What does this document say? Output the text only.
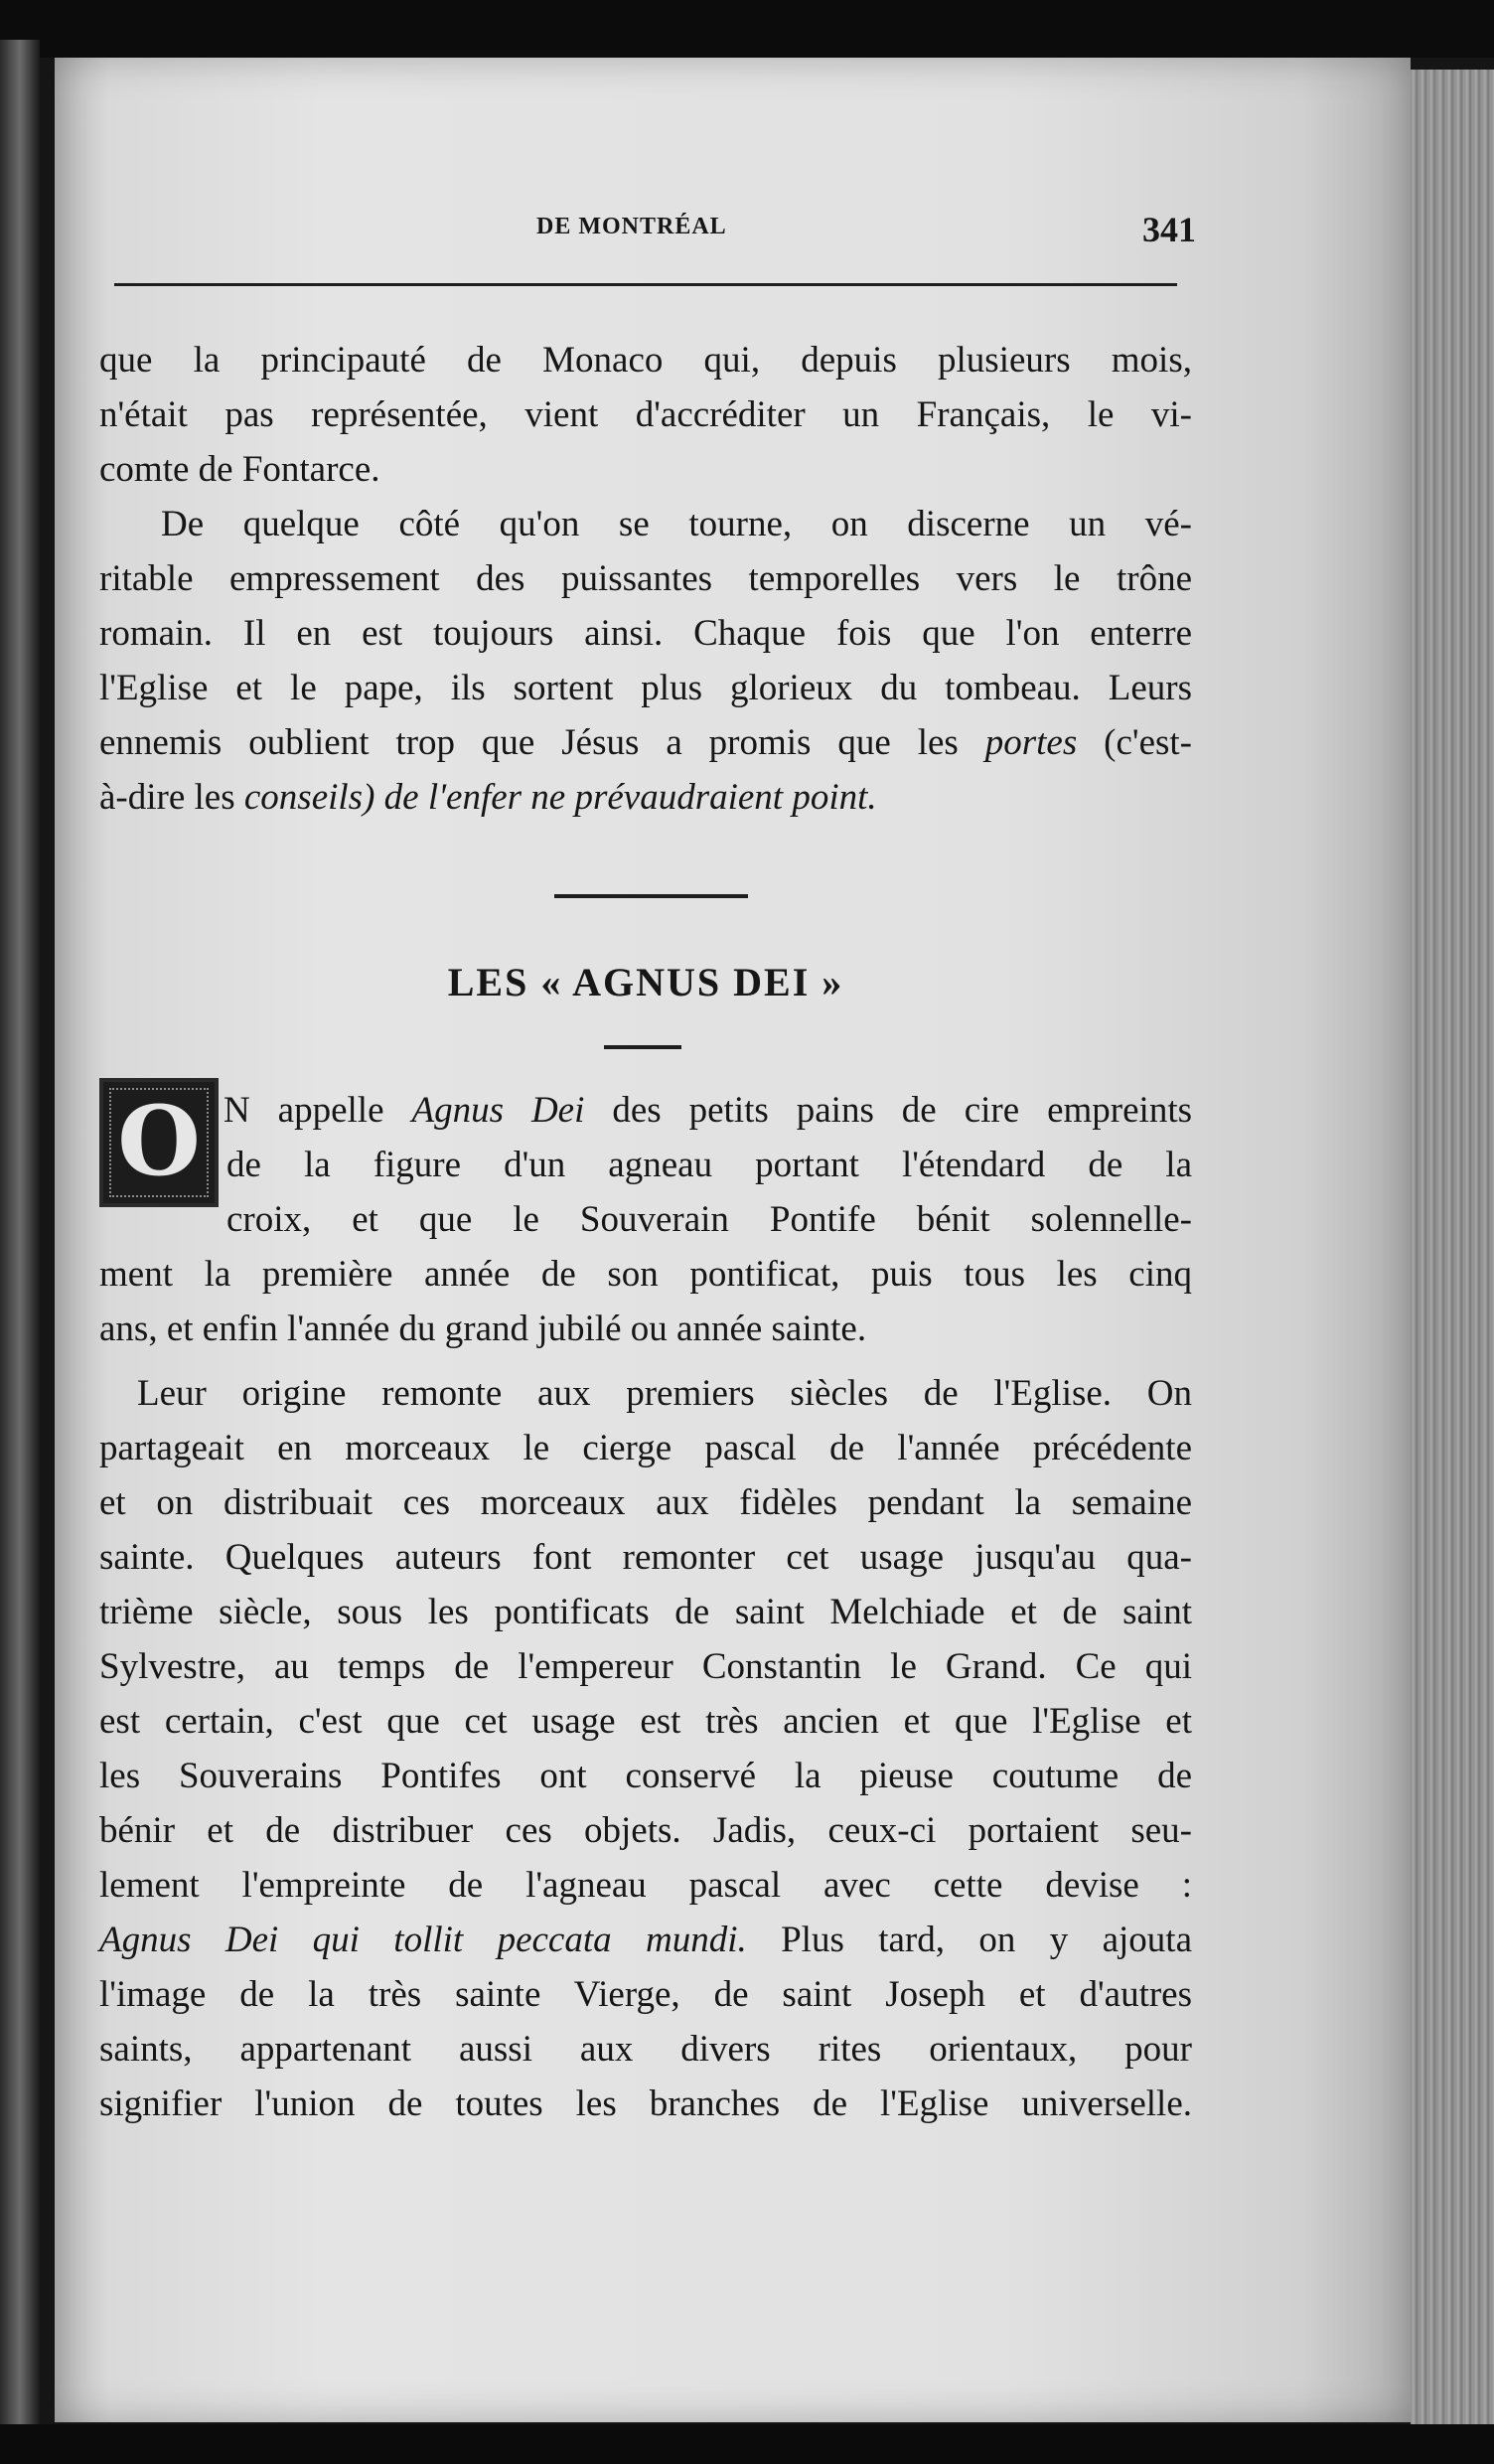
DE MONTRÉAL	341
que la principauté de Monaco qui, depuis plusieurs mois,
n'était pas représentée, vient d'accréditer un Français, le vi-
comte de Fontarce.
De quelque côté qu'on se tourne, on discerne un vé-
ritable empressement des puissantes temporelles vers le trône
romain. Il en est toujours ainsi. Chaque fois que l'on enterre
l'Eglise et le pape, ils sortent plus glorieux du tombeau. Leurs
ennemis oublient trop que Jésus a promis que les portes (c'est-
à-dire les conseils) de l'enfer ne prévaudraient point.
LES « AGNUS DEI »
O N appelle Agnus Dei des petits pains de cire empreints
de la figure d'un agneau portant l'étendard de la
croix, et que le Souverain Pontife bénit solennelle-
ment la première année de son pontificat, puis tous les cinq
ans, et enfin l'année du grand jubilé ou année sainte.
Leur origine remonte aux premiers siècles de l'Eglise. On
partageait en morceaux le cierge pascal de l'année précédente
et on distribuait ces morceaux aux fidèles pendant la semaine
sainte. Quelques auteurs font remonter cet usage jusqu'au qua-
trième siècle, sous les pontificats de saint Melchiade et de saint
Sylvestre, au temps de l'empereur Constantin le Grand. Ce qui
est certain, c'est que cet usage est très ancien et que l'Eglise et
les Souverains Pontifes ont conservé la pieuse coutume de
bénir et de distribuer ces objets. Jadis, ceux-ci portaient seu-
lement l'empreinte de l'agneau pascal avec cette devise :
Agnus Dei qui tollit peccata mundi. Plus tard, on y ajouta
l'image de la très sainte Vierge, de saint Joseph et d'autres
saints, appartenant aussi aux divers rites orientaux, pour
signifier l'union de toutes les branches de l'Eglise universelle.
